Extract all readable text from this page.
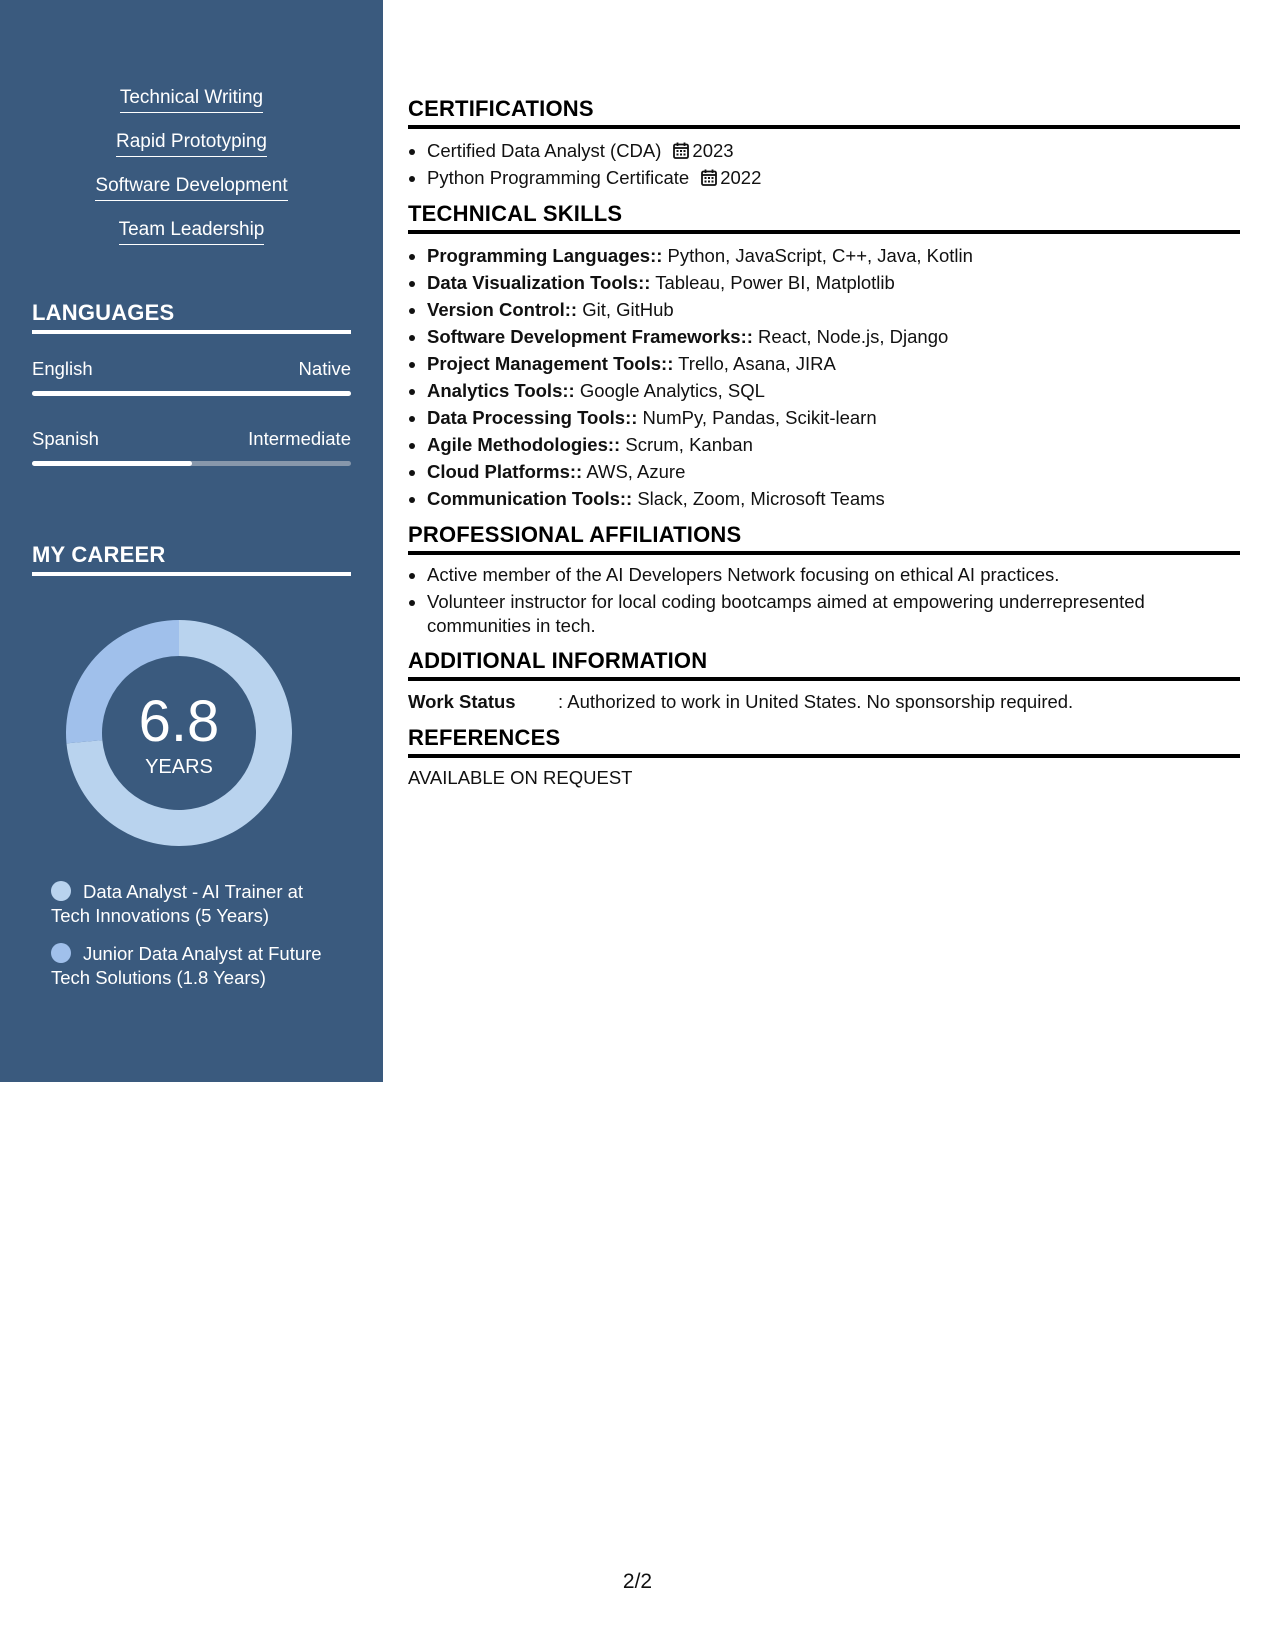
Technical Writing
Rapid Prototyping
Software Development
Team Leadership
LANGUAGES
English	Native
Spanish	Intermediate
MY CAREER
6.8
YEARS
Data Analyst - AI Trainer at Tech Innovations (5 Years)
Junior Data Analyst at Future Tech Solutions (1.8 Years)
CERTIFICATIONS
• Certified Data Analyst (CDA) 2023
• Python Programming Certificate 2022
TECHNICAL SKILLS
• Programming Languages:: Python, JavaScript, C++, Java, Kotlin
• Data Visualization Tools:: Tableau, Power BI, Matplotlib
• Version Control:: Git, GitHub
• Software Development Frameworks:: React, Node.js, Django
• Project Management Tools:: Trello, Asana, JIRA
• Analytics Tools:: Google Analytics, SQL
• Data Processing Tools:: NumPy, Pandas, Scikit-learn
• Agile Methodologies:: Scrum, Kanban
• Cloud Platforms:: AWS, Azure
• Communication Tools:: Slack, Zoom, Microsoft Teams
PROFESSIONAL AFFILIATIONS
• Active member of the AI Developers Network focusing on ethical AI practices.
• Volunteer instructor for local coding bootcamps aimed at empowering underrepresented communities in tech.
ADDITIONAL INFORMATION
Work Status	: Authorized to work in United States. No sponsorship required.
REFERENCES
AVAILABLE ON REQUEST
2/2
